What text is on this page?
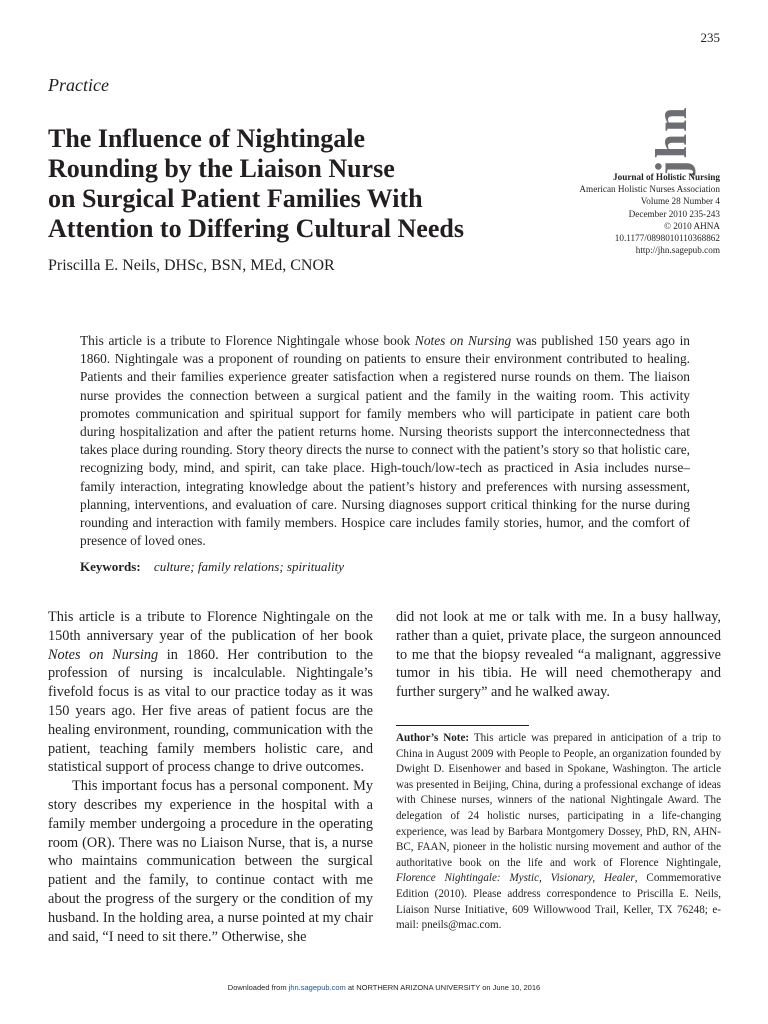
235
Practice
The Influence of Nightingale
Rounding by the Liaison Nurse
on Surgical Patient Families With
Attention to Differing Cultural Needs
Priscilla E. Neils, DHSc, BSN, MEd, CNOR
jhn
Journal of Holistic Nursing
American Holistic Nurses Association
Volume 28 Number 4
December 2010 235-243
© 2010 AHNA
10.1177/0898010110368862
http://jhn.sagepub.com

This article is a tribute to Florence Nightingale whose book Notes on Nursing was published 150 years ago in 1860. Nightingale was a proponent of rounding on patients to ensure their environment contributed to healing. Patients and their families experience greater satisfaction when a registered nurse rounds on them. The liaison nurse provides the connection between a surgical patient and the family in the waiting room. This activity promotes communication and spiritual support for family members who will participate in patient care both during hospitalization and after the patient returns home. Nursing theorists support the interconnectedness that takes place during rounding. Story theory directs the nurse to connect with the patient’s story so that holistic care, recognizing body, mind, and spirit, can take place. High-touch/low-tech as practiced in Asia includes nurse–family interaction, integrating knowledge about the patient’s history and preferences with nursing assessment, planning, interventions, and evaluation of care. Nursing diagnoses support critical thinking for the nurse during rounding and interaction with family members. Hospice care includes family stories, humor, and the comfort of presence of loved ones.

Keywords: culture; family relations; spirituality

This article is a tribute to Florence Nightingale on the 150th anniversary year of the publication of her book Notes on Nursing in 1860. Her contribution to the profession of nursing is incalculable. Nightingale’s fivefold focus is as vital to our practice today as it was 150 years ago. Her five areas of patient focus are the healing environment, rounding, communication with the patient, teaching family members holistic care, and statistical support of process change to drive outcomes.

This important focus has a personal component. My story describes my experience in the hospital with a family member undergoing a procedure in the operating room (OR). There was no Liaison Nurse, that is, a nurse who maintains communication between the surgical patient and the family, to continue contact with me about the progress of the surgery or the condition of my husband. In the holding area, a nurse pointed at my chair and said, “I need to sit there.” Otherwise, she

did not look at me or talk with me. In a busy hallway, rather than a quiet, private place, the surgeon announced to me that the biopsy revealed “a malignant, aggressive tumor in his tibia. He will need chemotherapy and further surgery” and he walked away.

Author’s Note: This article was prepared in anticipation of a trip to China in August 2009 with People to People, an organization founded by Dwight D. Eisenhower and based in Spokane, Washington. The article was presented in Beijing, China, during a professional exchange of ideas with Chinese nurses, winners of the national Nightingale Award. The delegation of 24 holistic nurses, participating in a life-changing experience, was lead by Barbara Montgomery Dossey, PhD, RN, AHN-BC, FAAN, pioneer in the holistic nursing movement and author of the authoritative book on the life and work of Florence Nightingale, Florence Nightingale: Mystic, Visionary, Healer, Commemorative Edition (2010). Please address correspondence to Priscilla E. Neils, Liaison Nurse Initiative, 609 Willowwood Trail, Keller, TX 76248; e-mail: pneils@mac.com.

Downloaded from jhn.sagepub.com at NORTHERN ARIZONA UNIVERSITY on June 10, 2016
